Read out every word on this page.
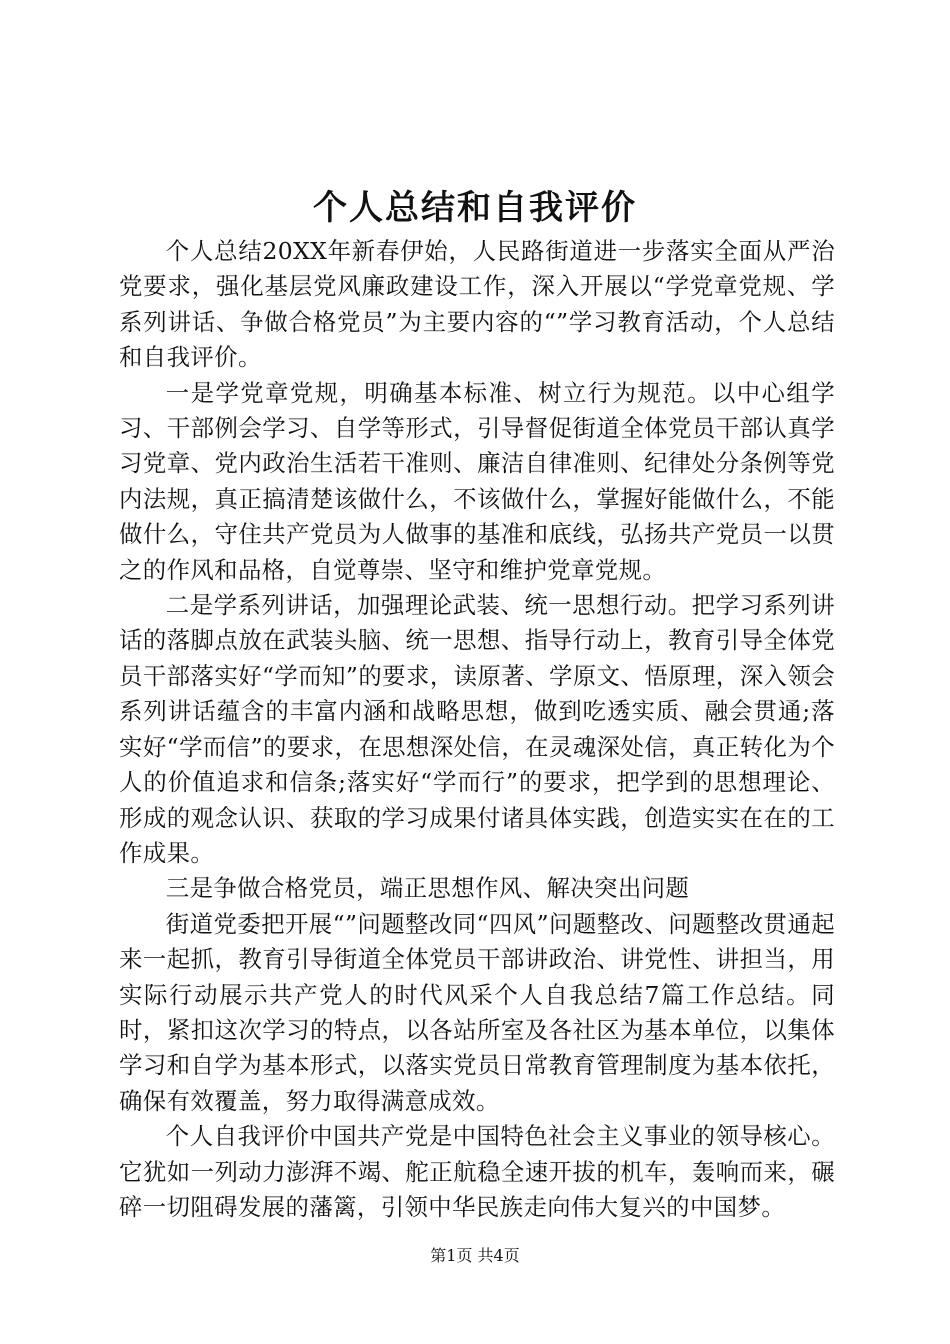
个人总结和自我评价

个人总结20XX年新春伊始，人民路街道进一步落实全面从严治党要求，强化基层党风廉政建设工作，深入开展以“学党章党规、学系列讲话、争做合格党员”为主要内容的“”学习教育活动，个人总结和自我评价。

一是学党章党规，明确基本标准、树立行为规范。以中心组学习、干部例会学习、自学等形式，引导督促街道全体党员干部认真学习党章、党内政治生活若干准则、廉洁自律准则、纪律处分条例等党内法规，真正搞清楚该做什么，不该做什么，掌握好能做什么，不能做什么，守住共产党员为人做事的基准和底线，弘扬共产党员一以贯之的作风和品格，自觉尊崇、坚守和维护党章党规。

二是学系列讲话，加强理论武装、统一思想行动。把学习系列讲话的落脚点放在武装头脑、统一思想、指导行动上，教育引导全体党员干部落实好“学而知”的要求，读原著、学原文、悟原理，深入领会系列讲话蕴含的丰富内涵和战略思想，做到吃透实质、融会贯通;落实好“学而信”的要求，在思想深处信，在灵魂深处信，真正转化为个人的价值追求和信条;落实好“学而行”的要求，把学到的思想理论、形成的观念认识、获取的学习成果付诸具体实践，创造实实在在的工作成果。

三是争做合格党员，端正思想作风、解决突出问题

街道党委把开展“”问题整改同“四风”问题整改、问题整改贯通起来一起抓，教育引导街道全体党员干部讲政治、讲党性、讲担当，用实际行动展示共产党人的时代风采个人自我总结7篇工作总结。同时，紧扣这次学习的特点，以各站所室及各社区为基本单位，以集体学习和自学为基本形式，以落实党员日常教育管理制度为基本依托，确保有效覆盖，努力取得满意成效。

个人自我评价中国共产党是中国特色社会主义事业的领导核心。它犹如一列动力澎湃不竭、舵正航稳全速开拔的机车，轰响而来，碾碎一切阻碍发展的藩篱，引领中华民族走向伟大复兴的中国梦。

第1页 共4页
